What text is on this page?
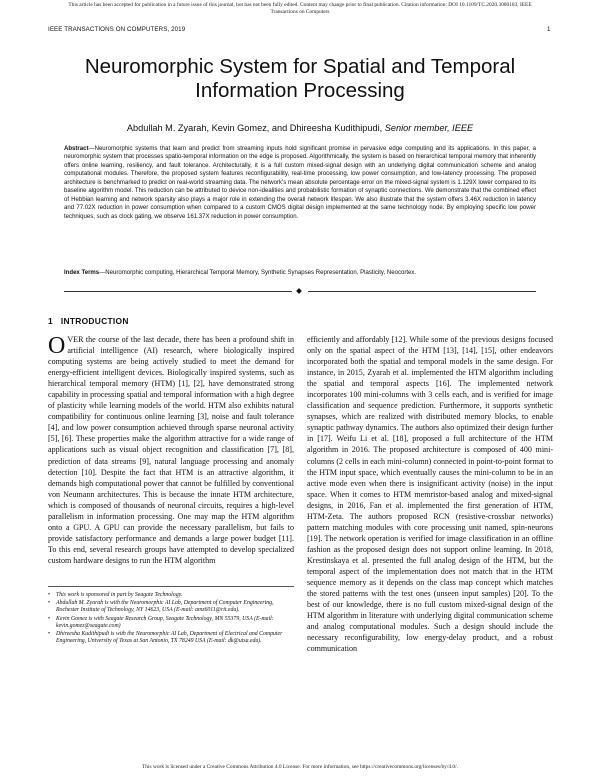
This article has been accepted for publication in a future issue of this journal, but has not been fully edited. Content may change prior to final publication. Citation information: DOI 10.1109/TC.2020.3000183, IEEE
Transactions on Computers
IEEE TRANSACTIONS ON COMPUTERS, 2019	1
Neuromorphic System for Spatial and Temporal
Information Processing
Abdullah M. Zyarah, Kevin Gomez, and Dhireesha Kudithipudi, Senior member, IEEE
Abstract—Neuromorphic systems that learn and predict from streaming inputs hold significant promise in pervasive edge computing and its applications. In this paper, a neuromorphic system that processes spatio-temporal information on the edge is proposed. Algorithmically, the system is based on hierarchical temporal memory that inherently offers online learning, resiliency, and fault tolerance. Architecturally, it is a full custom mixed-signal design with an underlying digital communication scheme and analog computational modules. Therefore, the proposed system features reconfigurability, real-time processing, low power consumption, and low-latency processing. The proposed architecture is benchmarked to predict on real-world streaming data. The network’s mean absolute percentage error on the mixed-signal system is 1.129X lower compared to its baseline algorithm model. This reduction can be attributed to device non-idealities and probabilistic formation of synaptic connections. We demonstrate that the combined effect of Hebbian learning and network sparsity also plays a major role in extending the overall network lifespan. We also illustrate that the system offers 3.46X reduction in latency and 77.02X reduction in power consumption when compared to a custom CMOS digital design implemented at the same technology node. By employing specific low power techniques, such as clock gating, we observe 161.37X reduction in power consumption.
Index Terms—Neuromorphic computing, Hierarchical Temporal Memory, Synthetic Synapses Representation, Plasticity, Neocortex.
1 INTRODUCTION
OVER the course of the last decade, there has been a profound shift in artificial intelligence (AI) research, where biologically inspired computing systems are being actively studied to meet the demand for energy-efficient intelligent devices. Biologically inspired systems, such as hierarchical temporal memory (HTM) [1], [2], have demonstrated strong capability in processing spatial and temporal information with a high degree of plasticity while learning models of the world. HTM also exhibits natural compatibility for continuous online learning [3], noise and fault tolerance [4], and low power consumption achieved through sparse neuronal activity [5], [6]. These properties make the algorithm attractive for a wide range of applications such as visual object recognition and classification [7], [8], prediction of data streams [9], natural language processing and anomaly detection [10]. Despite the fact that HTM is an attractive algorithm, it demands high computational power that cannot be fulfilled by conventional von Neumann architectures. This is because the innate HTM architecture, which is composed of thousands of neuronal circuits, requires a high-level parallelism in information processing. One may map the HTM algorithm onto a GPU. A GPU can provide the necessary parallelism, but fails to provide satisfactory performance and demands a large power budget [11]. To this end, several research groups have attempted to develop specialized custom hardware designs to run the HTM algorithm
•	This work is sponsored in part by Seagate Technology.
•	Abdullah M. Zyarah is with the Neuromorphic AI Lab, Department of Computer Engineering, Rochester Institute of Technology, NY 14623, USA (E-mail: amz6011@rit.edu).
•	Kevin Gomez is with Seagate Research Group, Seagate Technology, MN 55379, USA (E-mail: kevin.gomez@seagate.com)
•	Dhireesha Kudithipudi is with the Neuromorphic AI Lab, Department of Electrical and Computer Engineering, University of Texas at San Antonio, TX 78249 USA (E-mail: dk@utsa.edu).
efficiently and affordably [12]. While some of the previous designs focused only on the spatial aspect of the HTM [13], [14], [15], other endeavors incorporated both the spatial and temporal models in the same design. For instance, in 2015, Zyarah et al. implemented the HTM algorithm including the spatial and temporal aspects [16]. The implemented network incorporates 100 mini-columns with 3 cells each, and is verified for image classification and sequence prediction. Furthermore, it supports synthetic synapses, which are realized with distributed memory blocks, to enable synaptic pathway dynamics. The authors also optimized their design further in [17]. Weifu Li et al. [18], proposed a full architecture of the HTM algorithm in 2016. The proposed architecture is composed of 400 mini-columns (2 cells in each mini-column) connected in point-to-point format to the HTM input space, which eventually causes the mini-column to be in an active mode even when there is insignificant activity (noise) in the input space. When it comes to HTM memristor-based analog and mixed-signal designs, in 2016, Fan et al. implemented the first generation of HTM, HTM-Zeta. The authors proposed RCN (resistive-crossbar networks) pattern matching modules with core processing unit named, spin-neurons [19]. The network operation is verified for image classification in an offline fashion as the proposed design does not support online learning. In 2018, Krestinskaya et al. presented the full analog design of the HTM, but the temporal aspect of the implementation does not match that in the HTM sequence memory as it depends on the class map concept which matches the stored patterns with the test ones (unseen input samples) [20]. To the best of our knowledge, there is no full custom mixed-signal design of the HTM algorithm in literature with underlying digital communication scheme and analog computational modules. Such a design should include the necessary reconfigurability, low energy-delay product, and a robust communication
This work is licensed under a Creative Commons Attribution 4.0 License. For more information, see https://creativecommons.org/licenses/by/4.0/.
